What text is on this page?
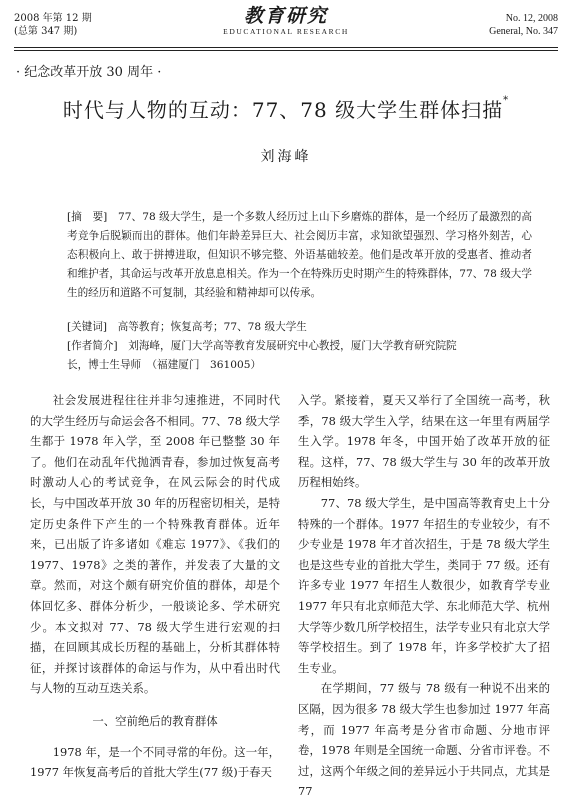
2008 年第 12 期
(总第 347 期)
教育研究
EDUCATIONAL RESEARCH
No. 12, 2008
General, No. 347
· 纪念改革开放 30 周年 ·
时代与人物的互动：77、78 级大学生群体扫描*
刘海峰

[摘　要]　 77、78 级大学生，是一个多数人经历过上山下乡磨炼的群体，是一个经历了最激烈的高考竞争后脱颖而出的群体。他们年龄差异巨大、社会阅历丰富，求知欲望强烈、学习格外刻苦，心态积极向上、敢于拼搏进取，但知识不够完整、外语基础较差。他们是改革开放的受惠者、推动者和维护者，其命运与改革开放息息相关。作为一个在特殊历史时期产生的特殊群体，77、78 级大学生的经历和道路不可复制，其经验和精神却可以传承。

[关键词]　 高等教育；恢复高考；77、78 级大学生
[作者简介]　 刘海峰，厦门大学高等教育发展研究中心教授，厦门大学教育研究院院
长，博士生导师　（福建厦门　361005）

社会发展进程往往并非匀速推进，不同时代的大学生经历与命运会各不相同。77、78 级大学生都于 1978 年入学，至 2008 年已整整 30 年了。他们在动乱年代抛洒青春，参加过恢复高考时激动人心的考试竞争，在风云际会的时代成长，与中国改革开放 30 年的历程密切相关，是特定历史条件下产生的一个特殊教育群体。近年来，已出版了许多诸如《难忘 1977》、《我们的 1977、1978》之类的著作，并发表了大量的文章。然而，对这个颇有研究价值的群体，却是个体回忆多、群体分析少，一般谈论多、学术研究少。本文拟对 77、78 级大学生进行宏观的扫描，在回顾其成长历程的基础上，分析其群体特征，并探讨该群体的命运与作为，从中看出时代与人物的互动互迭关系。

一、空前绝后的教育群体

1978 年，是一个不同寻常的年份。这一年，1977 年恢复高考后的首批大学生(77 级)于春天

入学。紧接着，夏天又举行了全国统一高考，秋季，78 级大学生入学，结果在这一年里有两届学生入学。1978 年冬，中国开始了改革开放的征程。这样，77、78 级大学生与 30 年的改革开放历程相始终。

77、78 级大学生，是中国高等教育史上十分特殊的一个群体。1977 年招生的专业较少，有不少专业是 1978 年才首次招生，于是 78 级大学生也是这些专业的首批大学生，类同于 77 级。还有许多专业 1977 年招生人数很少，如教育学专业 1977 年只有北京师范大学、东北师范大学、杭州大学等少数几所学校招生，法学专业只有北京大学等学校招生。到了 1978 年，许多学校扩大了招生专业。

在学期间，77 级与 78 级有一种说不出来的区隔，因为很多 78 级大学生也参加过 1977 年高考，而 1977 年高考是分省市命题、分地市评卷，1978 年则是全国统一命题、分省市评卷。不过，这两个年级之间的差异远小于共同点，尤其是 77
